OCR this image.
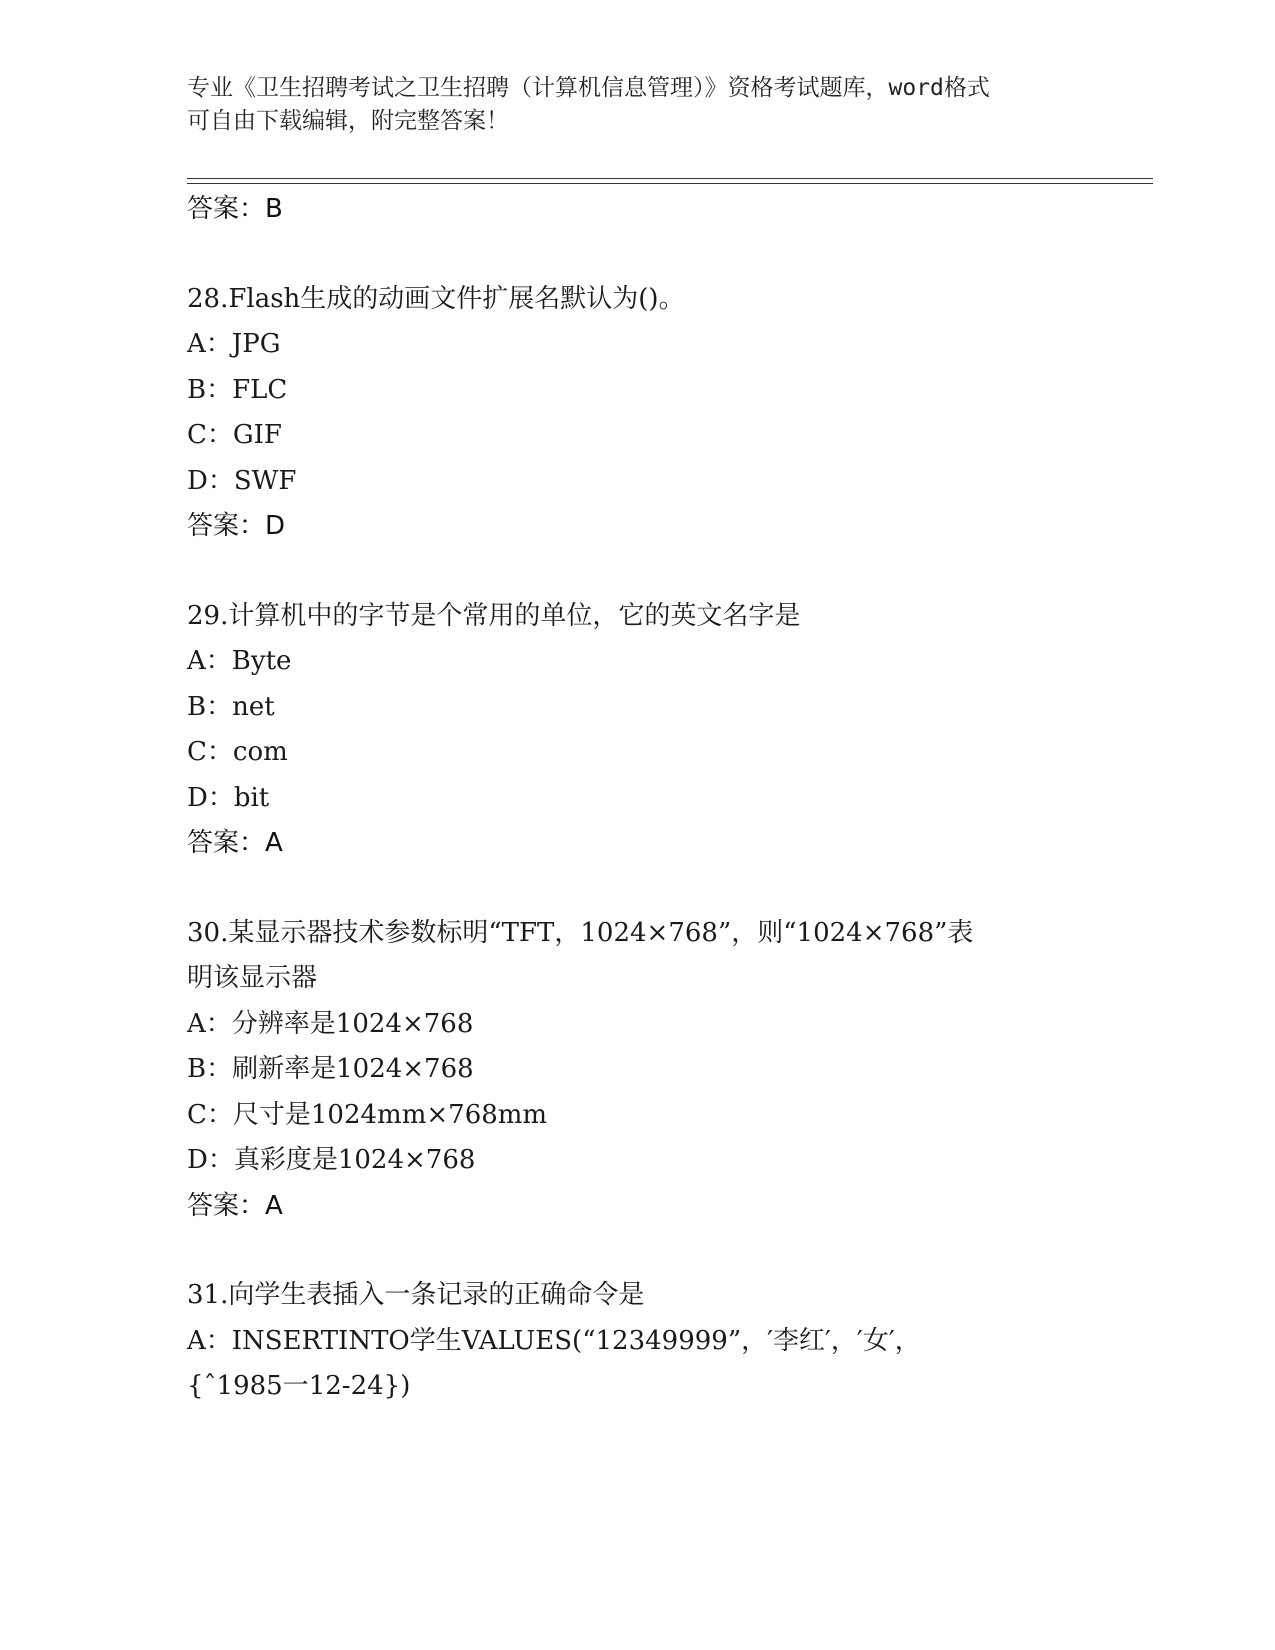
专业《卫生招聘考试之卫生招聘（计算机信息管理）》资格考试题库，word格式
可自由下载编辑，附完整答案！
答案：B
28.Flash生成的动画文件扩展名默认为()。
A：JPG
B：FLC
C：GIF
D：SWF
答案：D
29.计算机中的字节是个常用的单位，它的英文名字是
A：Byte
B：net
C：com
D：bit
答案：A
30.某显示器技术参数标明“TFT，1024×768”，则“1024×768”表
明该显示器
A：分辨率是1024×768
B：刷新率是1024×768
C：尺寸是1024mm×768mm
D：真彩度是1024×768
答案：A
31.向学生表插入一条记录的正确命令是
A：INSERTINTO学生VALUES(“12349999”，′李红′，′女′，
{ˆ1985一12-24})
